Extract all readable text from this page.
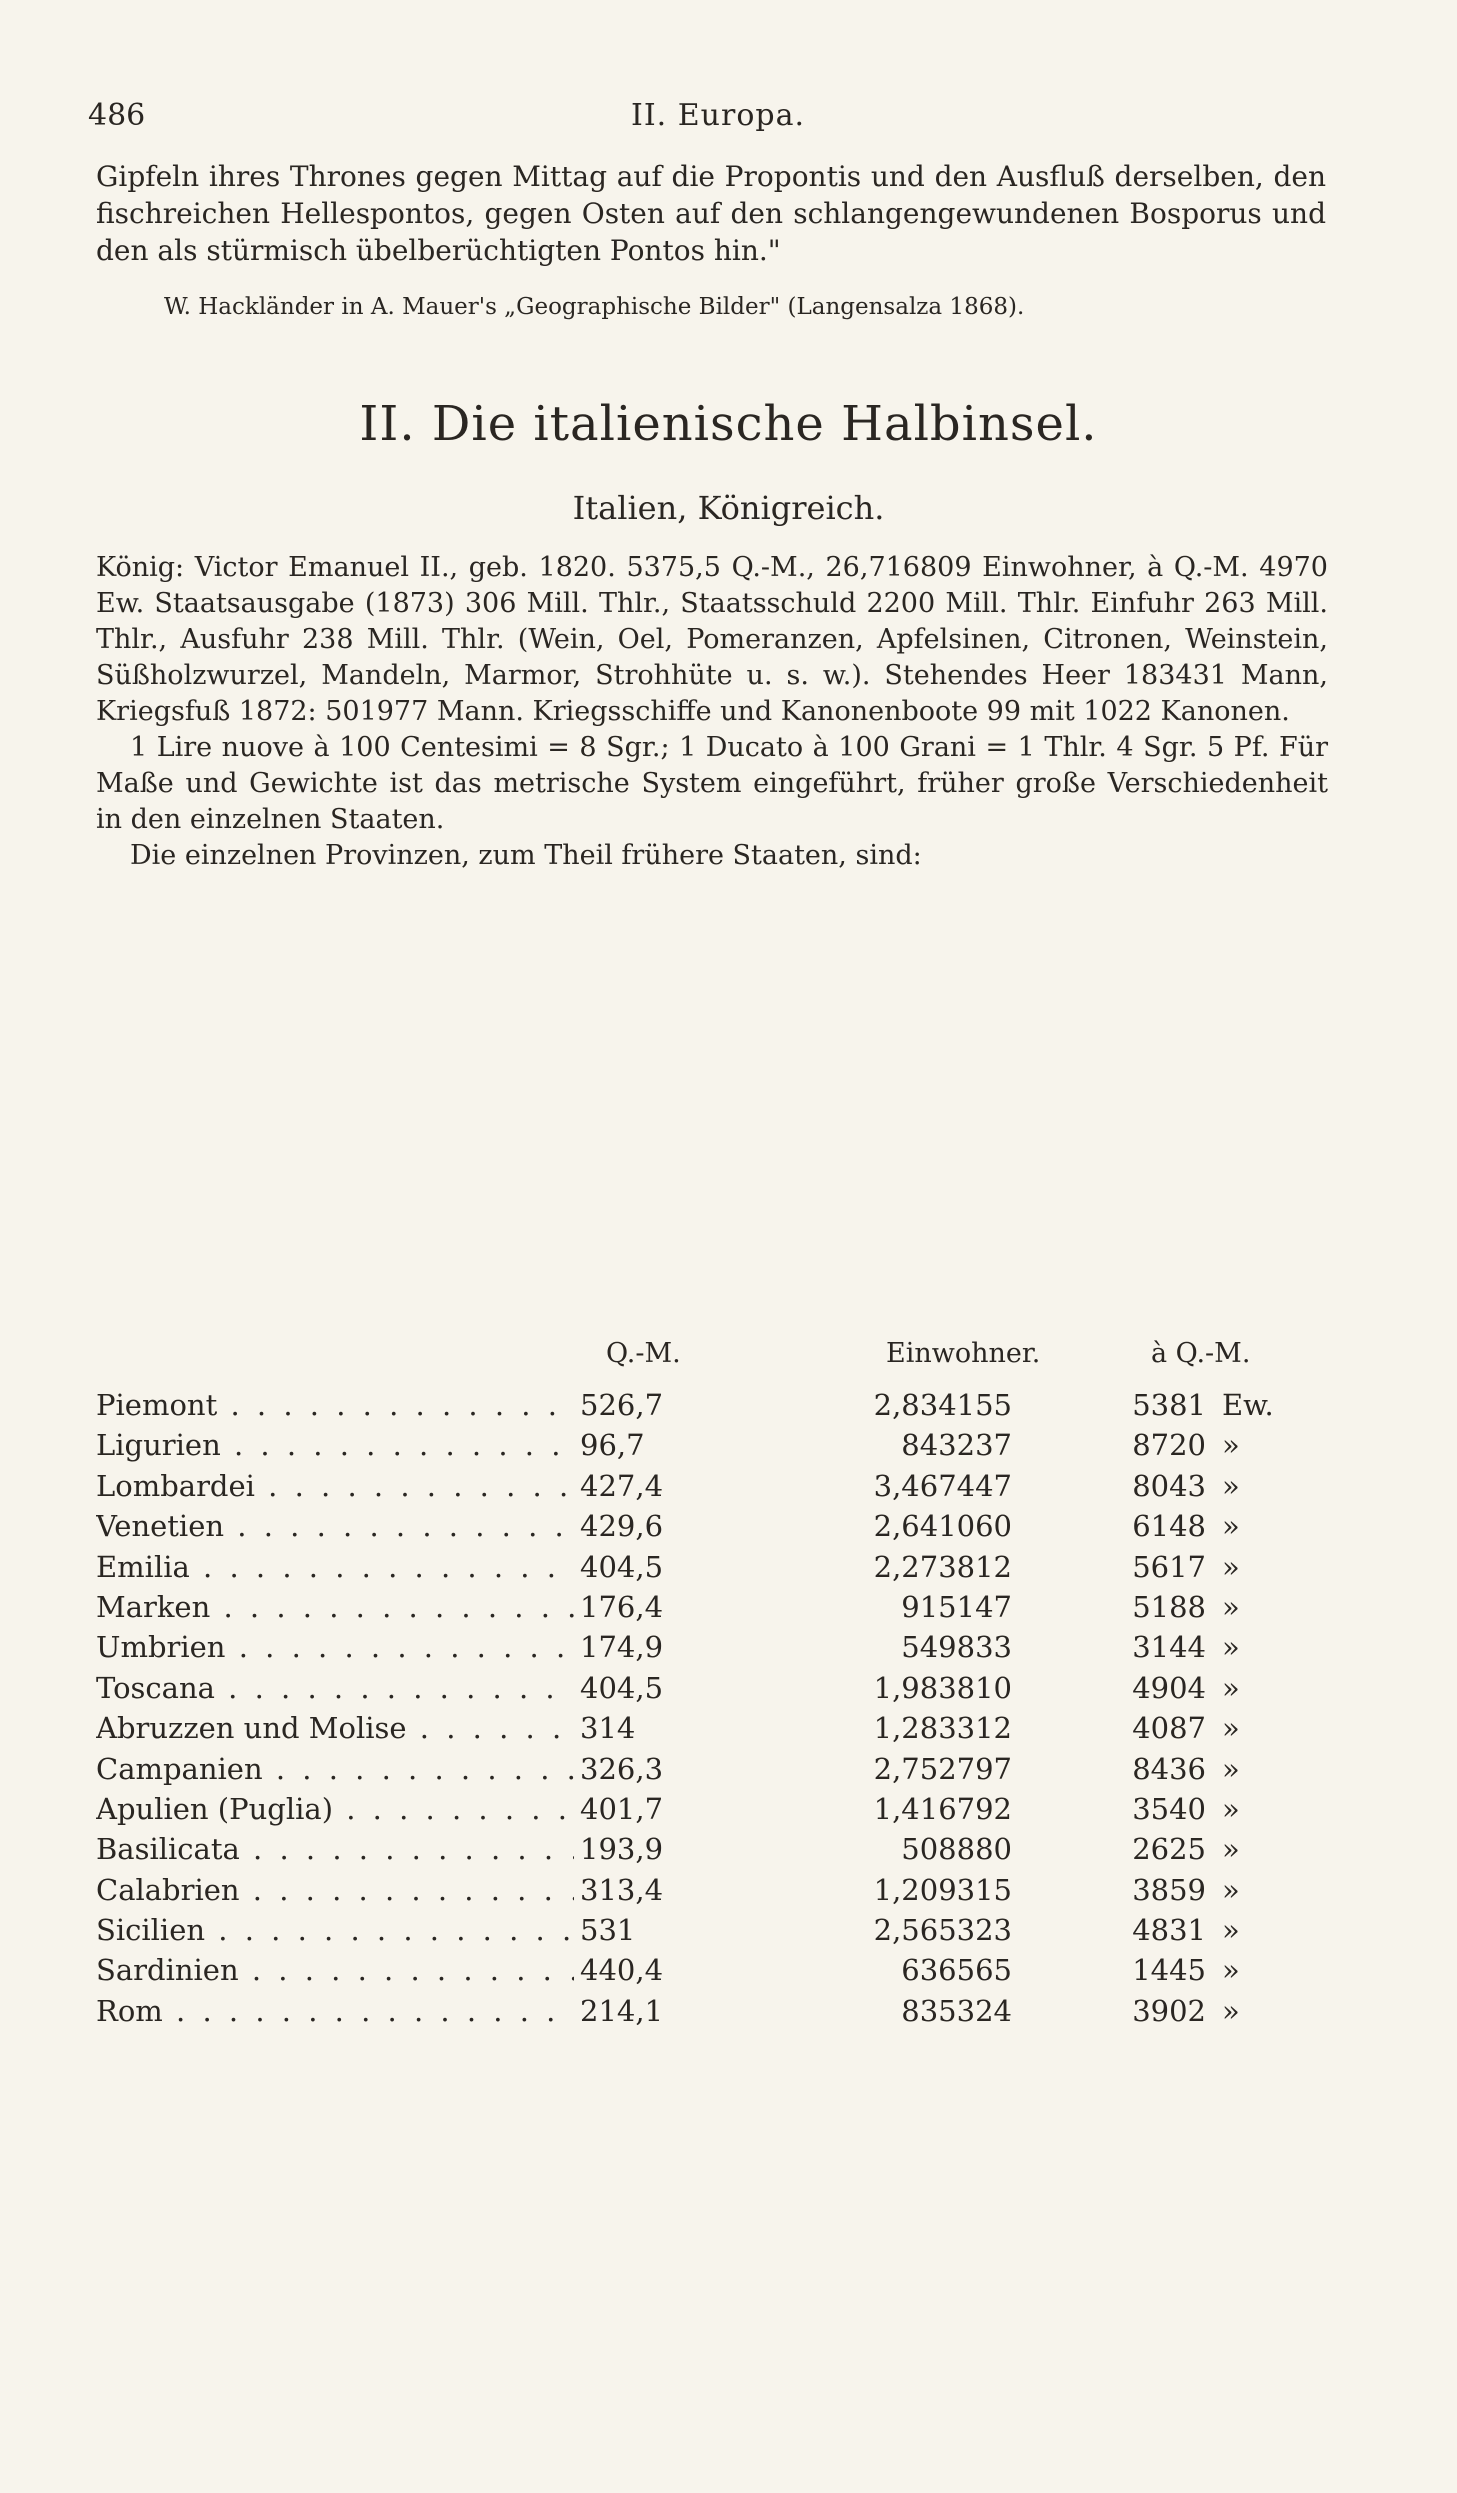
486	II. Europa.
Gipfeln ihres Thrones gegen Mittag auf die Propontis und den Ausfluß derselben, den fischreichen Hellespontos, gegen Osten auf den schlangengewundenen Bosporus und den als stürmisch übelberüchtigten Pontos hin."
W. Hackländer in A. Mauer's „Geographische Bilder" (Langensalza 1868).
II. Die italienische Halbinsel.
Italien, Königreich.

König: Victor Emanuel II., geb. 1820. 5375,5 Q.-M., 26,716809 Einwohner, à Q.-M. 4970 Ew. Staatsausgabe (1873) 306 Mill. Thlr., Staatsschuld 2200 Mill. Thlr. Einfuhr 263 Mill. Thlr., Ausfuhr 238 Mill. Thlr. (Wein, Oel, Pomeranzen, Apfelsinen, Citronen, Weinstein, Süßholzwurzel, Mandeln, Marmor, Strohhüte u. s. w.). Stehendes Heer 183431 Mann, Kriegsfuß 1872: 501977 Mann. Kriegsschiffe und Kanonenboote 99 mit 1022 Kanonen.

1 Lire nuove à 100 Centesimi = 8 Sgr.; 1 Ducato à 100 Grani = 1 Thlr. 4 Sgr. 5 Pf. Für Maße und Gewichte ist das metrische System eingeführt, früher große Verschiedenheit in den einzelnen Staaten.

Die einzelnen Provinzen, zum Theil frühere Staaten, sind:

Q.-M.	Einwohner.	à Q.-M.
Piemont . . .	526,7	2,834155	5381 Ew.
Ligurien . . .	96,7	843237	8720 »
Lombardei . . .	427,4	3,467447	8043 »
Venetien . . .	429,6	2,641060	6148 »
Emilia . . .	404,5	2,273812	5617 »
Marken . . .	176,4	915147	5188 »
Umbrien . . .	174,9	549833	3144 »
Toscana . . .	404,5	1,983810	4904 »
Abruzzen und Molise . . .	314	1,283312	4087 »
Campanien . . .	326,3	2,752797	8436 »
Apulien (Puglia) . . .	401,7	1,416792	3540 »
Basilicata . . .	193,9	508880	2625 »
Calabrien . . .	313,4	1,209315	3859 »
Sicilien . . .	531	2,565323	4831 »
Sardinien . . .	440,4	636565	1445 »
Rom . . .	214,1	835324	3902 »
